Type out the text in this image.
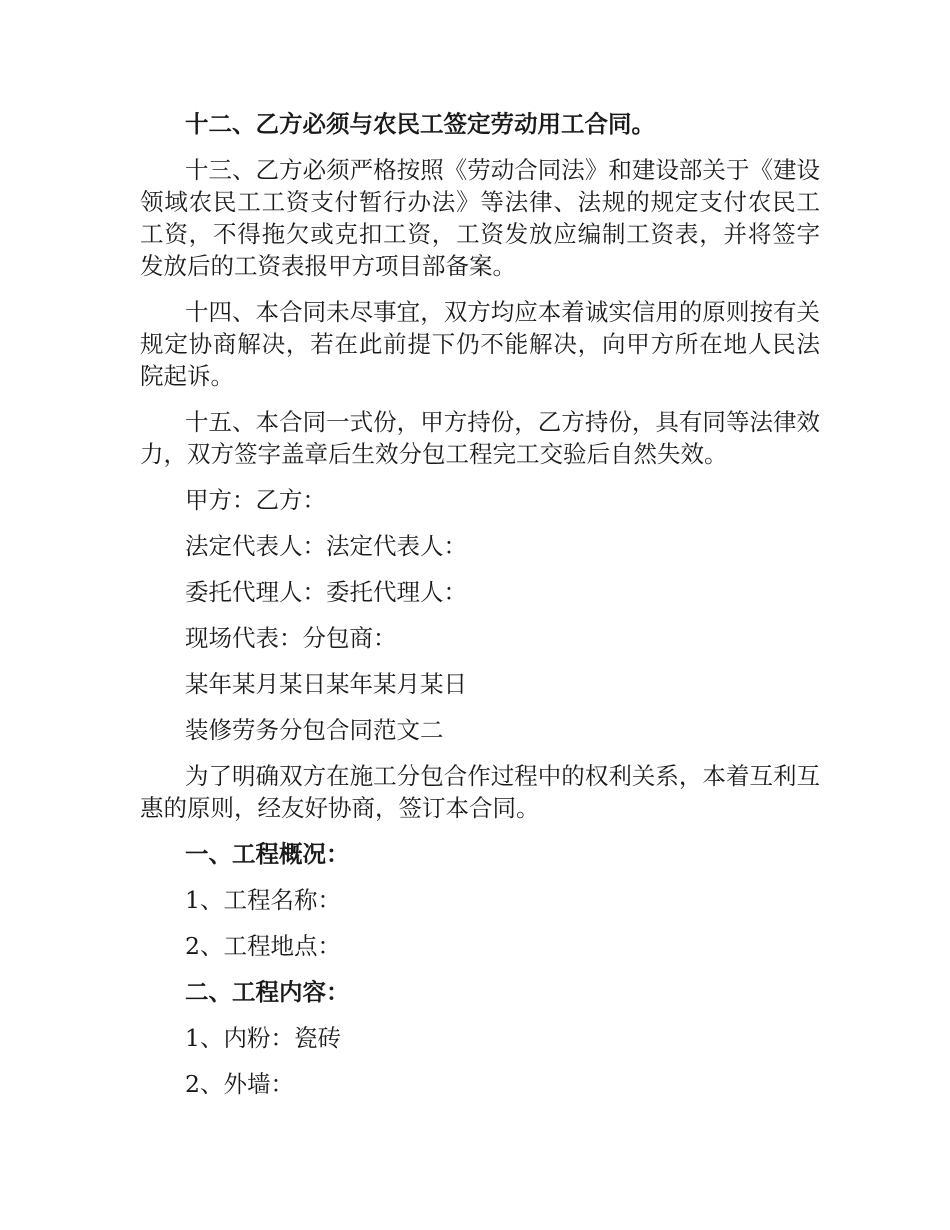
十二、乙方必须与农民工签定劳动用工合同。

十三、乙方必须严格按照《劳动合同法》和建设部关于《建设领域农民工工资支付暂行办法》等法律、法规的规定支付农民工工资，不得拖欠或克扣工资，工资发放应编制工资表，并将签字发放后的工资表报甲方项目部备案。

十四、本合同未尽事宜，双方均应本着诚实信用的原则按有关规定协商解决，若在此前提下仍不能解决，向甲方所在地人民法院起诉。

十五、本合同一式份，甲方持份，乙方持份，具有同等法律效力，双方签字盖章后生效分包工程完工交验后自然失效。

甲方：乙方：

法定代表人：法定代表人：

委托代理人：委托代理人：

现场代表：分包商：

某年某月某日某年某月某日

装修劳务分包合同范文二

为了明确双方在施工分包合作过程中的权利关系，本着互利互惠的原则，经友好协商，签订本合同。

一、工程概况：

1、工程名称：

2、工程地点：

二、工程内容：

1、内粉：瓷砖

2、外墙：
